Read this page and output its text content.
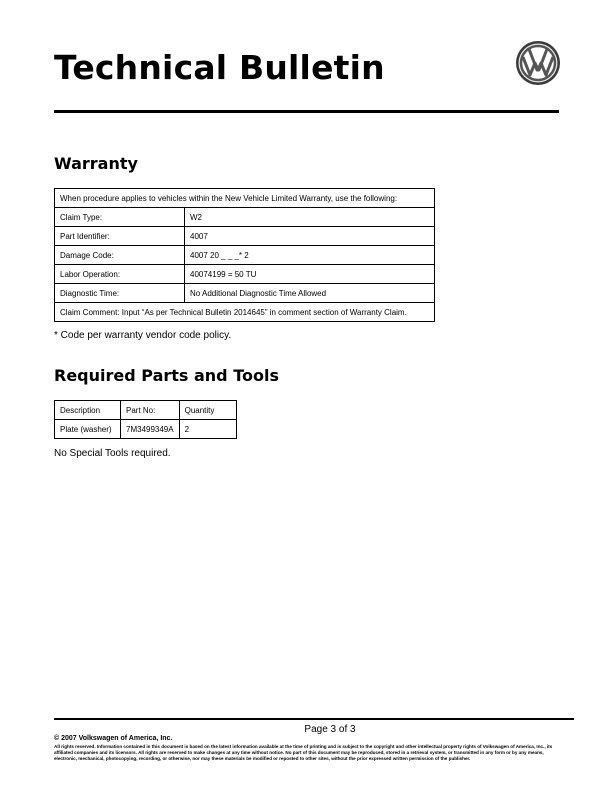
Technical Bulletin
Warranty
When procedure applies to vehicles within the New Vehicle Limited Warranty, use the following:	
Claim Type:	W2
Part Identifier:	4007
Damage Code:	4007 20 _ _ _* 2
Labor Operation:	40074199 = 50 TU
Diagnostic Time:	No Additional Diagnostic Time Allowed
Claim Comment: Input “As per Technical Bulletin 2014645” in comment section of Warranty Claim.	
* Code per warranty vendor code policy.
Required Parts and Tools
Description	Part No:	Quantity
Plate (washer)	7M3499349A	2
No Special Tools required.
Page 3 of 3
© 2007 Volkswagen of America, Inc.
All rights reserved. Information contained in this document is based on the latest information available at the time of printing and is subject to the copyright and other intellectual property rights of Volkswagen of America, Inc., its affiliated companies and its licensors. All rights are reserved to make changes at any time without notice. No part of this document may be reproduced, stored in a retrieval system, or transmitted in any form or by any means, electronic, mechanical, photocopying, recording, or otherwise, nor may these materials be modified or reposted to other sites, without the prior expressed written permission of the publisher.
